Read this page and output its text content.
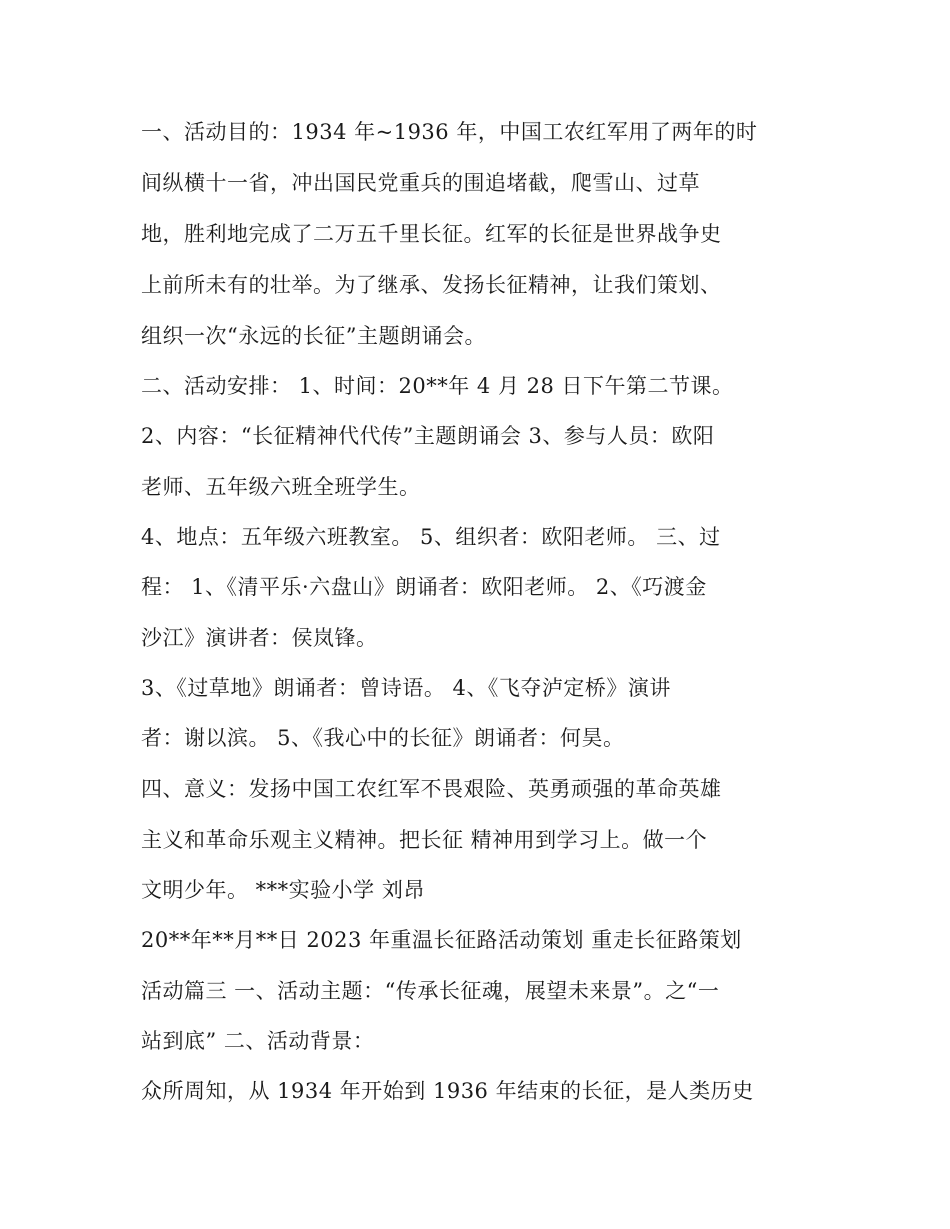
一、活动目的：1934 年~1936 年，中国工农红军用了两年的时
间纵横十一省，冲出国民党重兵的围追堵截，爬雪山、过草
地，胜利地完成了二万五千里长征。红军的长征是世界战争史
上前所未有的壮举。为了继承、发扬长征精神，让我们策划、
组织一次“永远的长征”主题朗诵会。
二、活动安排： 1、时间：20**年 4 月 28 日下午第二节课。
2、内容：“长征精神代代传”主题朗诵会 3、参与人员：欧阳
老师、五年级六班全班学生。
4、地点：五年级六班教室。 5、组织者：欧阳老师。 三、过
程： 1、《清平乐·六盘山》朗诵者：欧阳老师。 2、《巧渡金
沙江》演讲者：侯岚锋。
3、《过草地》朗诵者：曾诗语。 4、《飞夺泸定桥》演讲
者：谢以滨。 5、《我心中的长征》朗诵者：何昊。
四、意义：发扬中国工农红军不畏艰险、英勇顽强的革命英雄
主义和革命乐观主义精神。把长征 精神用到学习上。做一个
文明少年。 ***实验小学 刘昂
20**年**月**日 2023 年重温长征路活动策划 重走长征路策划
活动篇三 一、活动主题：“传承长征魂，展望未来景”。之“一
站到底” 二、活动背景：
众所周知，从 1934 年开始到 1936 年结束的长征，是人类历史
